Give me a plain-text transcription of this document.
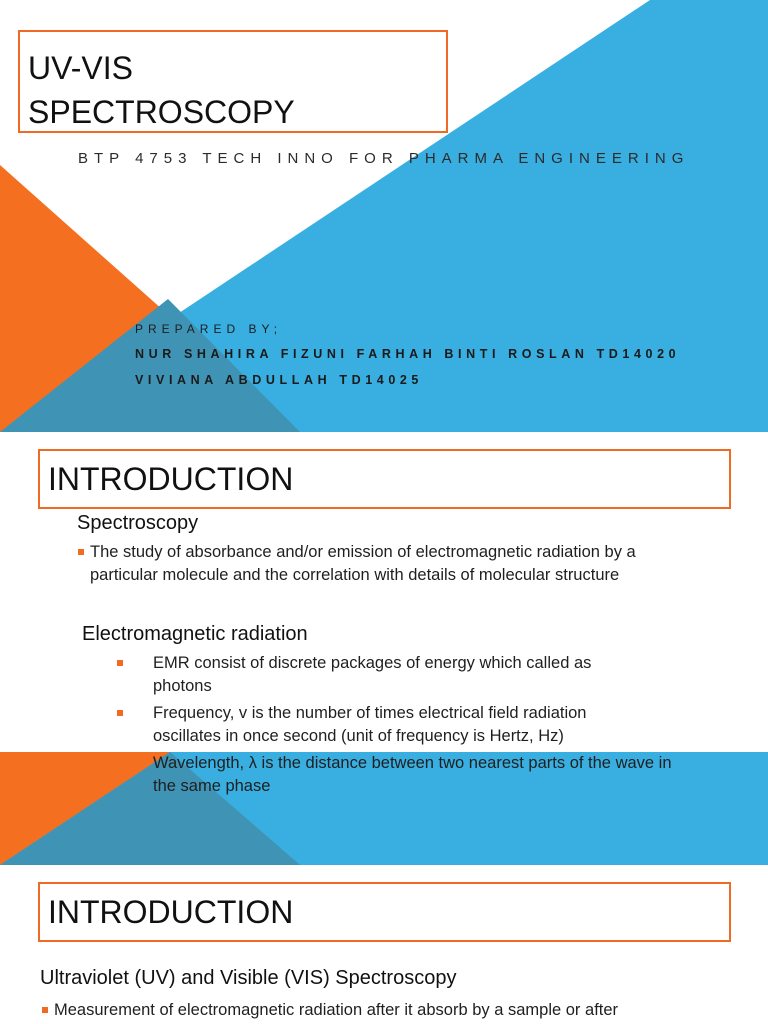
UV-VIS
SPECTROSCOPY
BTP 4753 TECH INNO FOR PHARMA ENGINEERING
PREPARED BY;
NUR SHAHIRA FIZUNI FARHAH BINTI ROSLAN TD14020
VIVIANA ABDULLAH TD14025
INTRODUCTION
Spectroscopy
The study of absorbance and/or emission of electromagnetic radiation by a particular molecule and the correlation with details of molecular structure
Electromagnetic radiation
EMR consist of discrete packages of energy which called as photons
Frequency, v is the number of times electrical field radiation oscillates in once second (unit of frequency is Hertz, Hz)
Wavelength, λ is the distance between two nearest parts of the wave in the same phase
INTRODUCTION
Ultraviolet (UV) and Visible (VIS) Spectroscopy
Measurement of electromagnetic radiation after it absorb by a sample or after
